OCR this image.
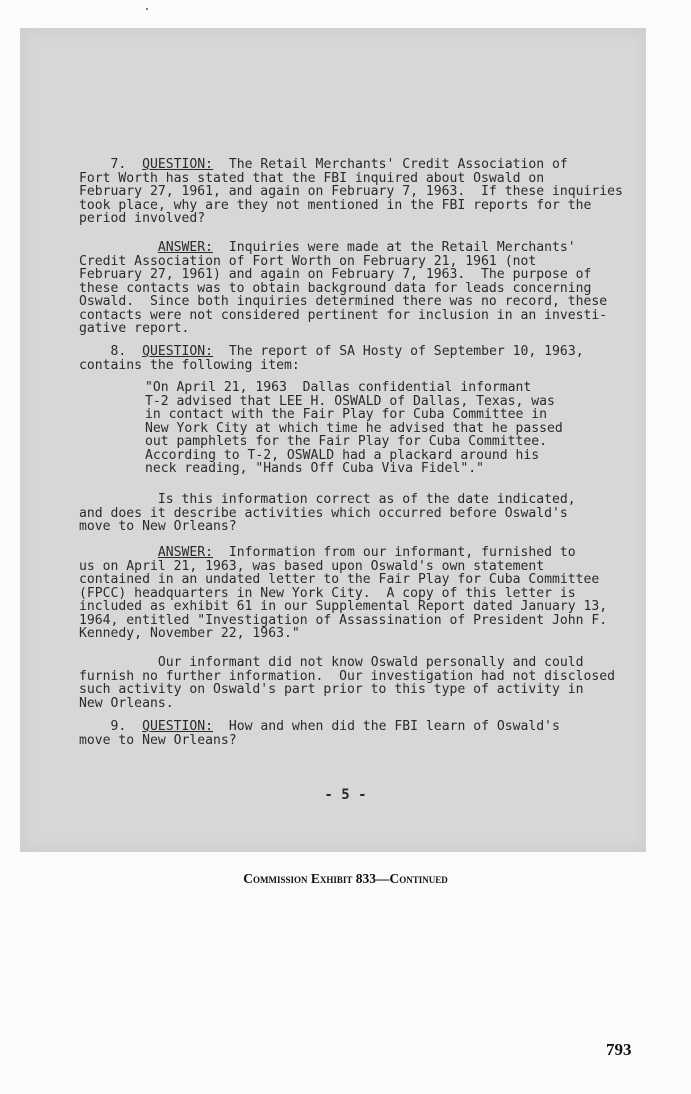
7. QUESTION: The Retail Merchants' Credit Association of
Fort Worth has stated that the FBI inquired about Oswald on
February 27, 1961, and again on February 7, 1963.  If these inquiries
took place, why are they not mentioned in the FBI reports for the
period involved?
ANSWER: Inquiries were made at the Retail Merchants'
Credit Association of Fort Worth on February 21, 1961 (not
February 27, 1961) and again on February 7, 1963.  The purpose of
these contacts was to obtain background data for leads concerning
Oswald.  Since both inquiries determined there was no record, these
contacts were not considered pertinent for inclusion in an investi-
gative report.
8. QUESTION: The report of SA Hosty of September 10, 1963,
contains the following item:
"On April 21, 1963  Dallas confidential informant
T-2 advised that LEE H. OSWALD of Dallas, Texas, was
in contact with the Fair Play for Cuba Committee in
New York City at which time he advised that he passed
out pamphlets for the Fair Play for Cuba Committee.
According to T-2, OSWALD had a plackard around his
neck reading, "Hands Off Cuba Viva Fidel"."
Is this information correct as of the date indicated,
and does it describe activities which occurred before Oswald's
move to New Orleans?
ANSWER: Information from our informant, furnished to
us on April 21, 1963, was based upon Oswald's own statement
contained in an undated letter to the Fair Play for Cuba Committee
(FPCC) headquarters in New York City.  A copy of this letter is
included as exhibit 61 in our Supplemental Report dated January 13,
1964, entitled "Investigation of Assassination of President John F.
Kennedy, November 22, 1963."
Our informant did not know Oswald personally and could
furnish no further information.  Our investigation had not disclosed
such activity on Oswald's part prior to this type of activity in
New Orleans.
9. QUESTION: How and when did the FBI learn of Oswald's
move to New Orleans?

- 5 -

Commission Exhibit 833—Continued

793
